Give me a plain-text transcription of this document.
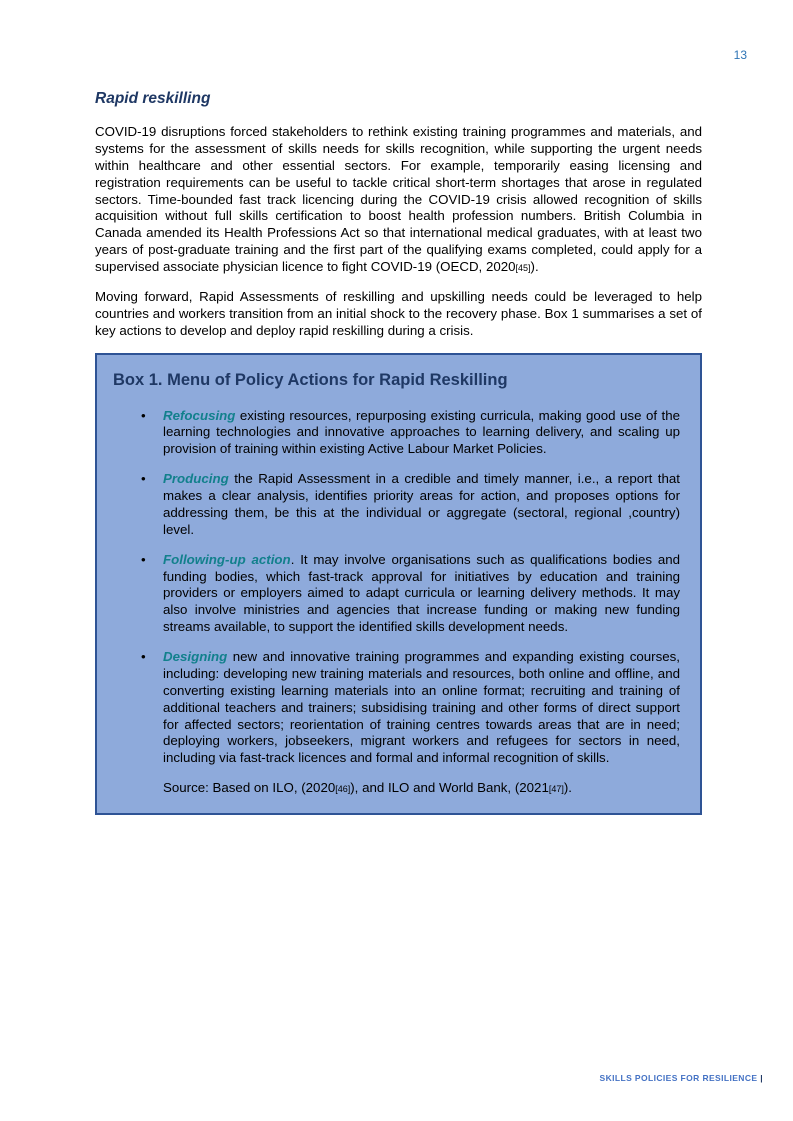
13
Rapid reskilling

COVID-19 disruptions forced stakeholders to rethink existing training programmes and materials, and systems for the assessment of skills needs for skills recognition, while supporting the urgent needs within healthcare and other essential sectors. For example, temporarily easing licensing and registration requirements can be useful to tackle critical short-term shortages that arose in regulated sectors. Time-bounded fast track licencing during the COVID-19 crisis allowed recognition of skills acquisition without full skills certification to boost health profession numbers. British Columbia in Canada amended its Health Professions Act so that international medical graduates, with at least two years of post-graduate training and the first part of the qualifying exams completed, could apply for a supervised associate physician licence to fight COVID-19 (OECD, 2020[45]).

Moving forward, Rapid Assessments of reskilling and upskilling needs could be leveraged to help countries and workers transition from an initial shock to the recovery phase. Box 1 summarises a set of key actions to develop and deploy rapid reskilling during a crisis.

Box 1. Menu of Policy Actions for Rapid Reskilling
•	Refocusing existing resources, repurposing existing curricula, making good use of the learning technologies and innovative approaches to learning delivery, and scaling up provision of training within existing Active Labour Market Policies.
•	Producing the Rapid Assessment in a credible and timely manner, i.e., a report that makes a clear analysis, identifies priority areas for action, and proposes options for addressing them, be this at the individual or aggregate (sectoral, regional ,country) level.
•	Following-up action. It may involve organisations such as qualifications bodies and funding bodies, which fast-track approval for initiatives by education and training providers or employers aimed to adapt curricula or learning delivery methods. It may also involve ministries and agencies that increase funding or making new funding streams available, to support the identified skills development needs.
•	Designing new and innovative training programmes and expanding existing courses, including: developing new training materials and resources, both online and offline, and converting existing learning materials into an online format; recruiting and training of additional teachers and trainers; subsidising training and other forms of direct support for affected sectors; reorientation of training centres towards areas that are in need; deploying workers, jobseekers, migrant workers and refugees for sectors in need, including via fast-track licences and formal and informal recognition of skills.

Source: Based on ILO, (2020[46]), and ILO and World Bank, (2021[47]).

SKILLS POLICIES FOR RESILIENCE |
